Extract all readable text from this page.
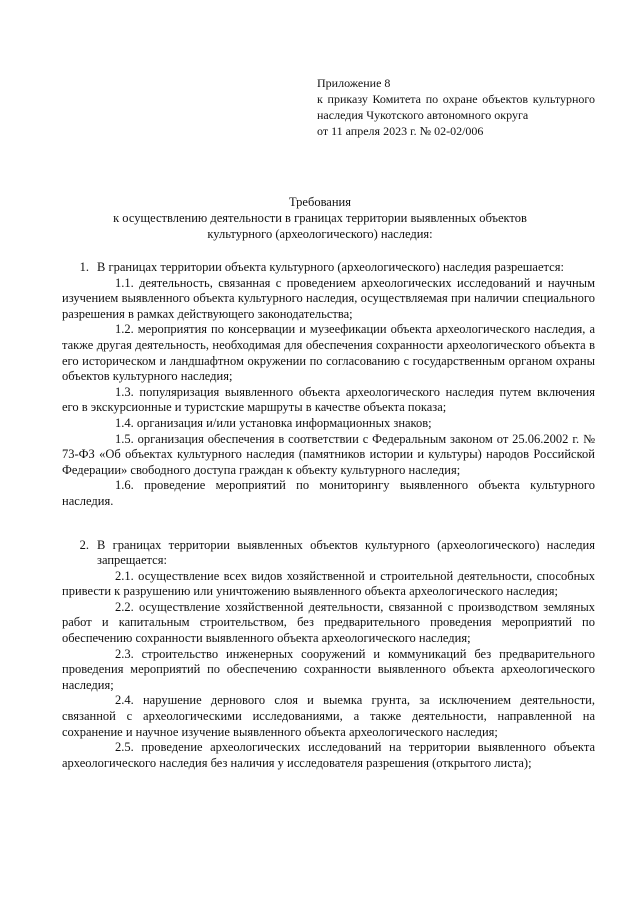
Приложение 8
к приказу Комитета по охране объектов культурного наследия Чукотского автономного округа
от 11 апреля 2023 г. № 02-02/006
Требования
к осуществлению деятельности в границах территории выявленных объектов
культурного (археологического) наследия:
1. В границах территории объекта культурного (археологического) наследия разрешается:

1.1. деятельность, связанная с проведением археологических исследований и научным изучением выявленного объекта культурного наследия, осуществляемая при наличии специального разрешения в рамках действующего законодательства;

1.2. мероприятия по консервации и музеефикации объекта археологического наследия, а также другая деятельность, необходимая для обеспечения сохранности археологического объекта в его историческом и ландшафтном окружении по согласованию с государственным органом охраны объектов культурного наследия;

1.3. популяризация выявленного объекта археологического наследия путем включения его в экскурсионные и туристские маршруты в качестве объекта показа;

1.4. организация и/или установка информационных знаков;

1.5. организация обеспечения в соответствии с Федеральным законом от 25.06.2002 г. № 73-ФЗ «Об объектах культурного наследия (памятников истории и культуры) народов Российской Федерации» свободного доступа граждан к объекту культурного наследия;

1.6. проведение мероприятий по мониторингу выявленного объекта культурного наследия.

2. В границах территории выявленных объектов культурного (археологического) наследия запрещается:

2.1. осуществление всех видов хозяйственной и строительной деятельности, способных привести к разрушению или уничтожению выявленного объекта археологического наследия;

2.2. осуществление хозяйственной деятельности, связанной с производством земляных работ и капитальным строительством, без предварительного проведения мероприятий по обеспечению сохранности выявленного объекта археологического наследия;

2.3. строительство инженерных сооружений и коммуникаций без предварительного проведения мероприятий по обеспечению сохранности выявленного объекта археологического наследия;

2.4. нарушение дернового слоя и выемка грунта, за исключением деятельности, связанной с археологическими исследованиями, а также деятельности, направленной на сохранение и научное изучение выявленного объекта археологического наследия;

2.5. проведение археологических исследований на территории выявленного объекта археологического наследия без наличия у исследователя разрешения (открытого листа);
